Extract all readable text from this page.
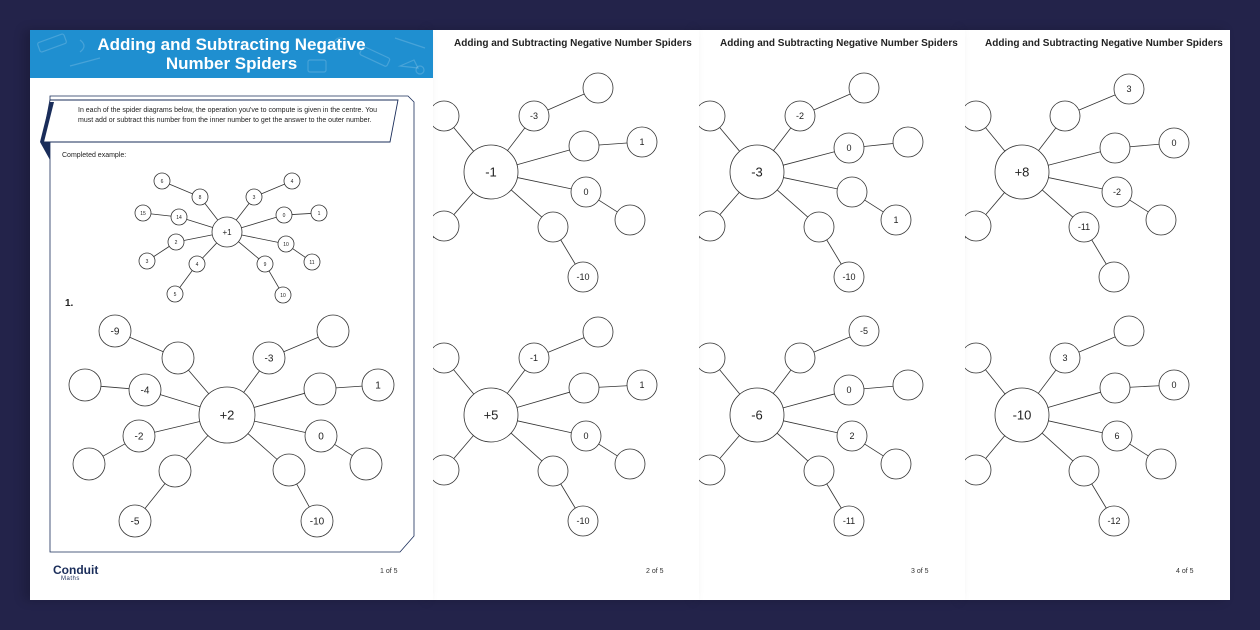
+8
3
0
-2
-11
-10
3
0
6
-12
Adding and Subtracting Negative Number Spiders
4 of 5
-3
-2
0
1
-10
-6
-5
0
2
-11
Adding and Subtracting Negative Number Spiders
3 of 5
-1
-3
1
0
-10
+5
-1
1
0
-10
Adding and Subtracting Negative Number Spiders
2 of 5
Adding and Subtracting Negative
Number Spiders
In each of the spider diagrams below, the operation you've to compute is given in the centre. You must add or subtract this number from the inner number to get the answer to the outer number.
Completed example:
1.
+1
8
6
3
4
0	1
10
11
9
10
4
5
2
3
14
15
+2
-9
-3
1
0
-10
-5
-2
-4
Conduit
Maths
1 of 5
